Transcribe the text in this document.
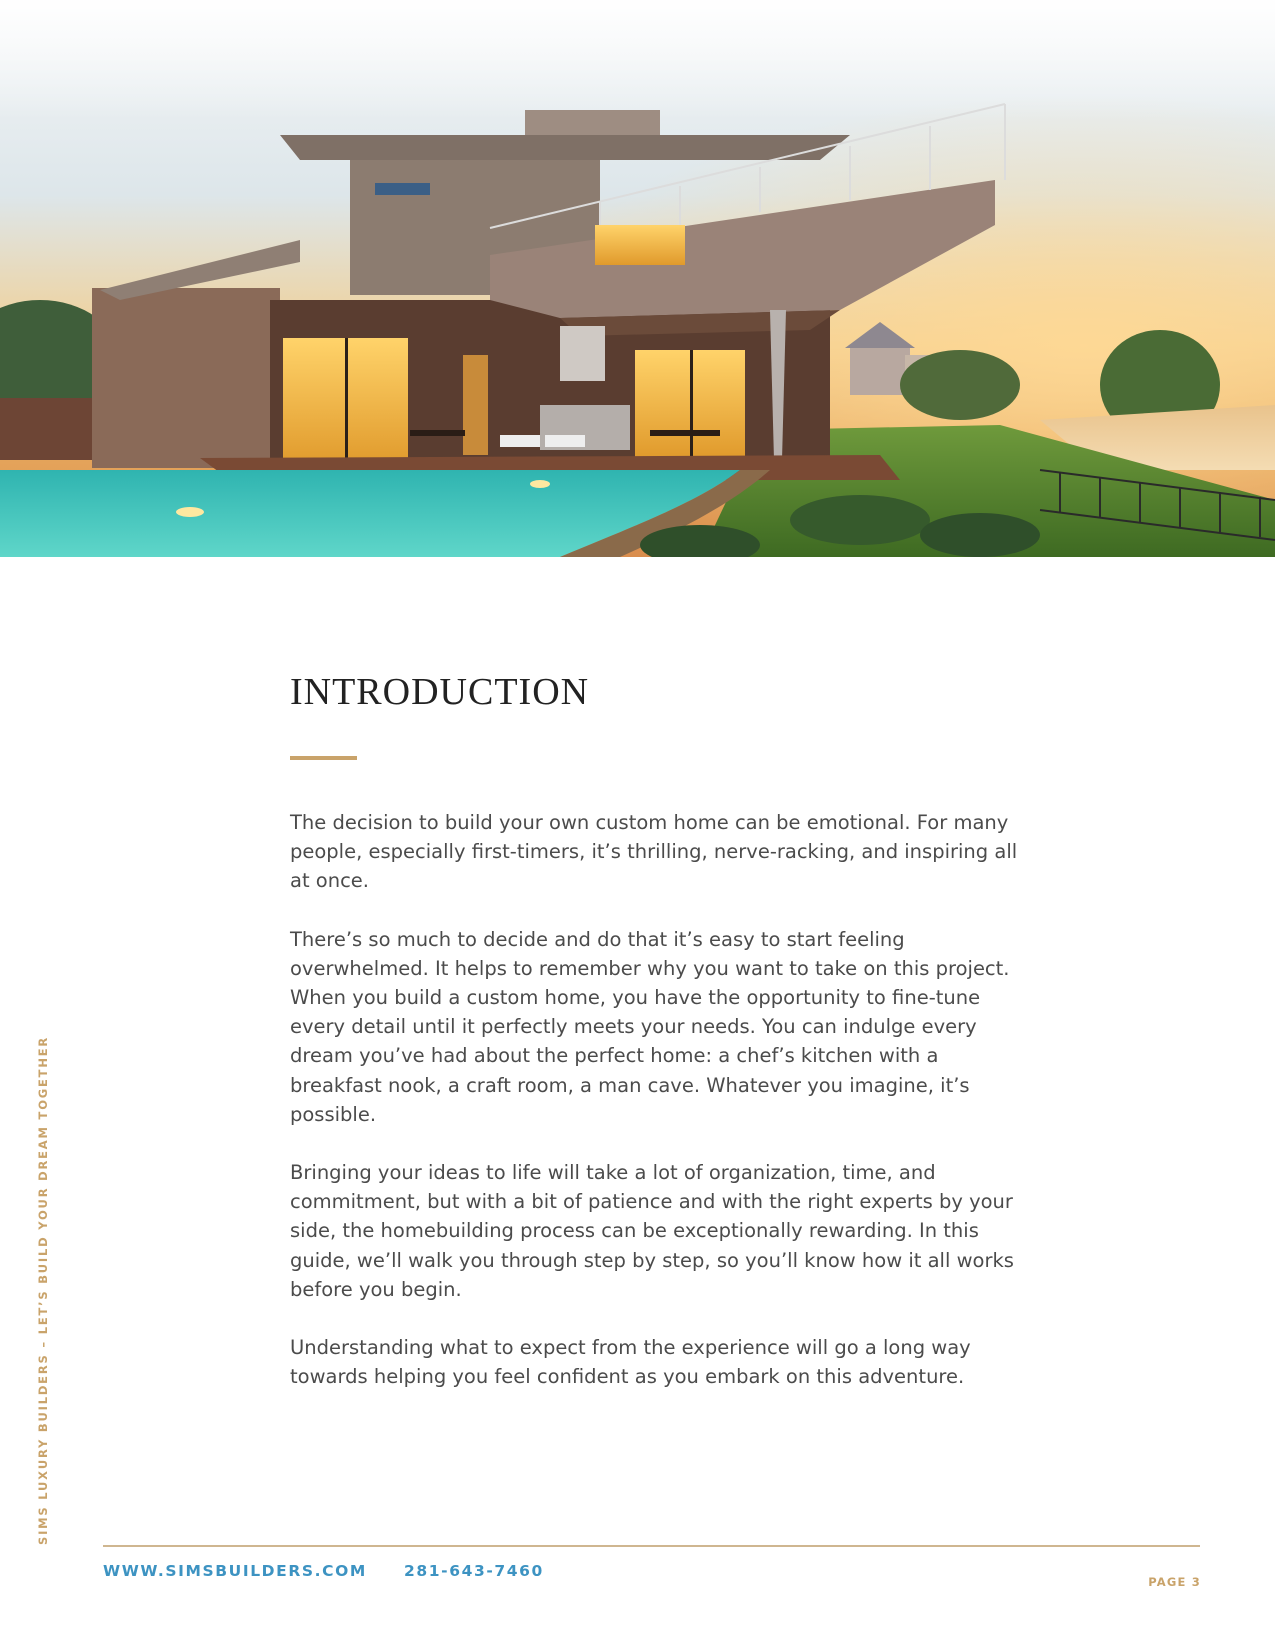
INTRODUCTION

The decision to build your own custom home can be emotional. For many people, especially first-timers, it’s thrilling, nerve-racking, and inspiring all at once.

There’s so much to decide and do that it’s easy to start feeling overwhelmed. It helps to remember why you want to take on this project. When you build a custom home, you have the opportunity to fine-tune every detail until it perfectly meets your needs. You can indulge every dream you’ve had about the perfect home: a chef’s kitchen with a breakfast nook, a craft room, a man cave. Whatever you imagine, it’s possible.

Bringing your ideas to life will take a lot of organization, time, and commitment, but with a bit of patience and with the right experts by your side, the homebuilding process can be exceptionally rewarding. In this guide, we’ll walk you through step by step, so you’ll know how it all works before you begin.

Understanding what to expect from the experience will go a long way towards helping you feel confident as you embark on this adventure.

SIMS LUXURY BUILDERS – LET’S BUILD YOUR DREAM TOGETHER
WWW.SIMSBUILDERS.COM 281-643-7460
PAGE 3
